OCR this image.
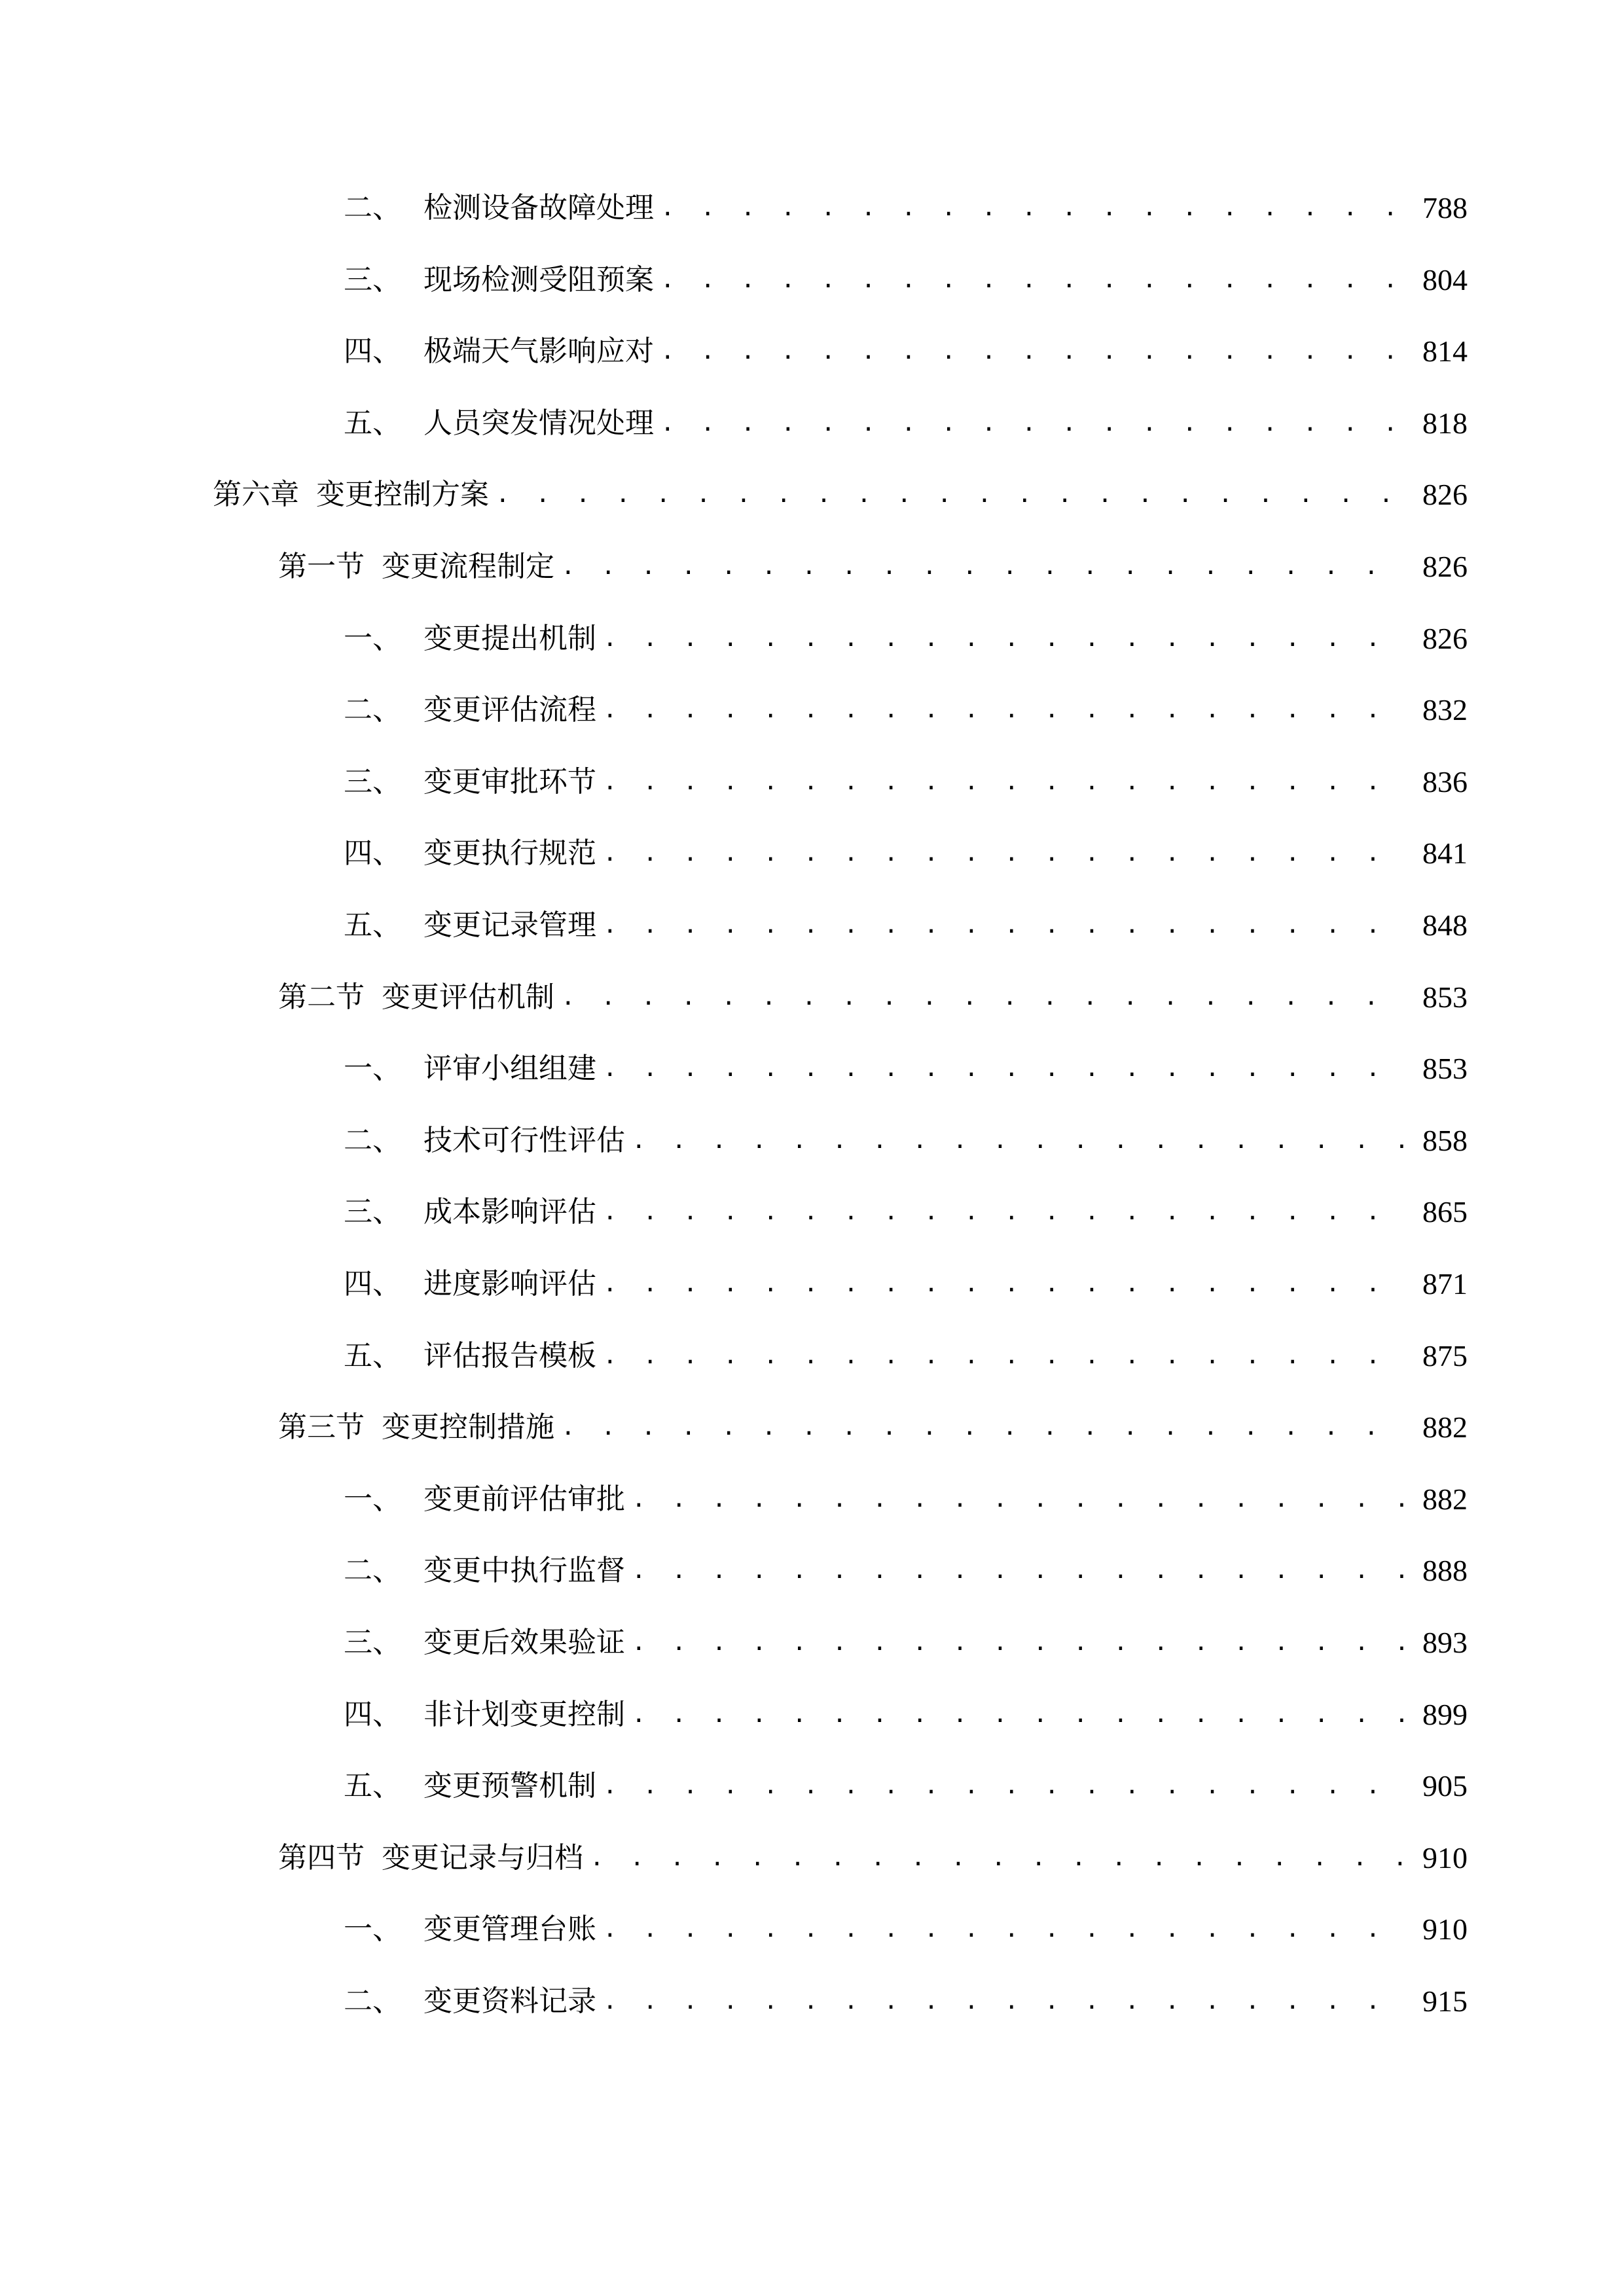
二、 检测设备故障处理 . . .	788
三、 现场检测受阻预案 . . .	804
四、 极端天气影响应对 . . .	814
五、 人员突发情况处理 . . .	818
第六章 变更控制方案 . . .	826
第一节 变更流程制定 . . .	826
一、 变更提出机制 . . .	826
二、 变更评估流程 . . .	832
三、 变更审批环节 . . .	836
四、 变更执行规范 . . .	841
五、 变更记录管理 . . .	848
第二节 变更评估机制 . . .	853
一、 评审小组组建 . . .	853
二、 技术可行性评估 . . .	858
三、 成本影响评估 . . .	865
四、 进度影响评估 . . .	871
五、 评估报告模板 . . .	875
第三节 变更控制措施 . . .	882
一、 变更前评估审批 . . .	882
二、 变更中执行监督 . . .	888
三、 变更后效果验证 . . .	893
四、 非计划变更控制 . . .	899
五、 变更预警机制 . . .	905
第四节 变更记录与归档 . . .	910
一、 变更管理台账 . . .	910
二、 变更资料记录 . . .	915
